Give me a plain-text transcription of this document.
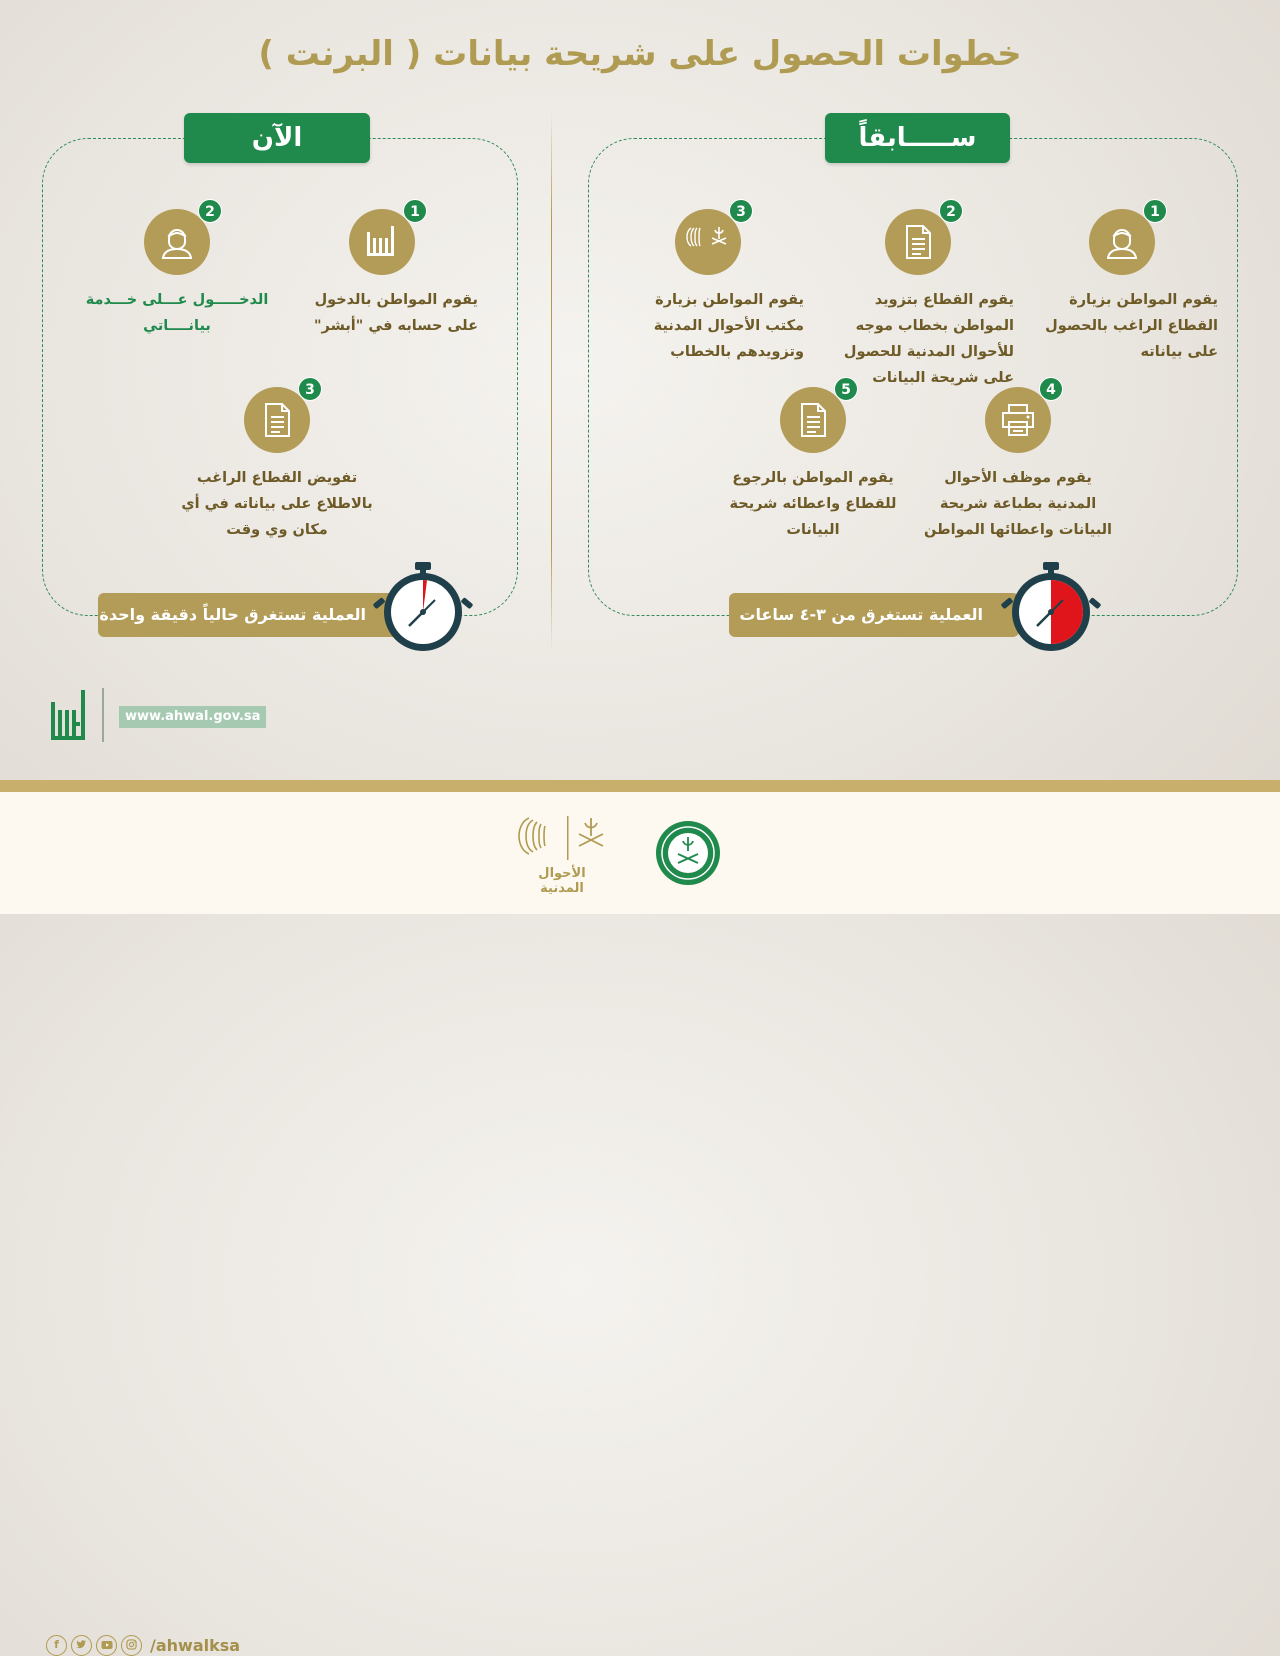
خطوات الحصول على شريحة بيانات ( البرنت )
ســـــابقاً
1
يقوم المواطن بزيارة القطاع الراغب بالحصول على بياناته
2
يقوم القطاع بتزويد المواطن بخطاب موجه للأحوال المدنية للحصول على شريحة البيانات
3
يقوم المواطن بزيارة مكتب الأحوال المدنية وتزويدهم بالخطاب
4
يقوم موظف الأحوال المدنية بطباعة شريحة البيانات واعطائها المواطن
5
يقوم المواطن بالرجوع للقطاع واعطائه شريحة البيانات
العملية تستغرق من ٣-٤ ساعات
الآن
1
يقوم المواطن بالدخول على حسابه في "أبشر"
2
الدخـــــول عـــلى خـــدمة بيانــــاتي
3
تفويض القطاع الراغب بالاطلاع على بياناته في أي مكان وي وقت
العملية تستغرق حالياً دقيقة واحدة
www.ahwal.gov.sa
f	/ahwalksa
الأحوال المدنية
